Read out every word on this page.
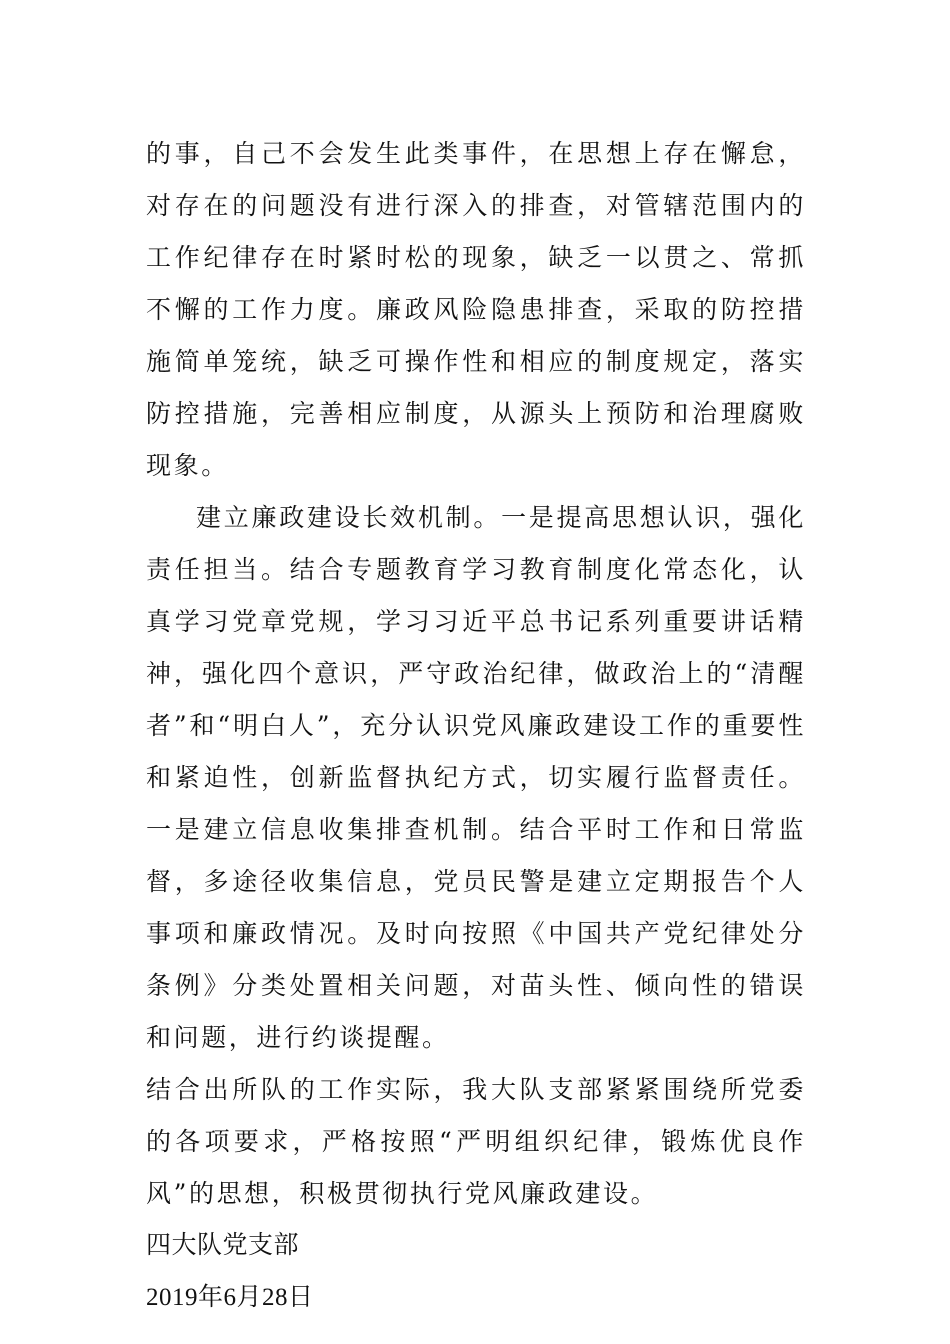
的事，自己不会发生此类事件，在思想上存在懈怠，对存在的问题没有进行深入的排查，对管辖范围内的工作纪律存在时紧时松的现象，缺乏一以贯之、常抓不懈的工作力度。廉政风险隐患排查，采取的防控措施简单笼统，缺乏可操作性和相应的制度规定，落实防控措施，完善相应制度，从源头上预防和治理腐败现象。

建立廉政建设长效机制。一是提高思想认识，强化责任担当。结合专题教育学习教育制度化常态化，认真学习党章党规，学习习近平总书记系列重要讲话精神，强化四个意识，严守政治纪律，做政治上的“清醒者”和“明白人”，充分认识党风廉政建设工作的重要性和紧迫性，创新监督执纪方式，切实履行监督责任。一是建立信息收集排查机制。结合平时工作和日常监督，多途径收集信息，党员民警是建立定期报告个人事项和廉政情况。及时向按照《中国共产党纪律处分条例》分类处置相关问题，对苗头性、倾向性的错误和问题，进行约谈提醒。

结合出所队的工作实际，我大队支部紧紧围绕所党委的各项要求，严格按照“严明组织纪律，锻炼优良作风”的思想，积极贯彻执行党风廉政建设。

四大队党支部

2019年6月28日
